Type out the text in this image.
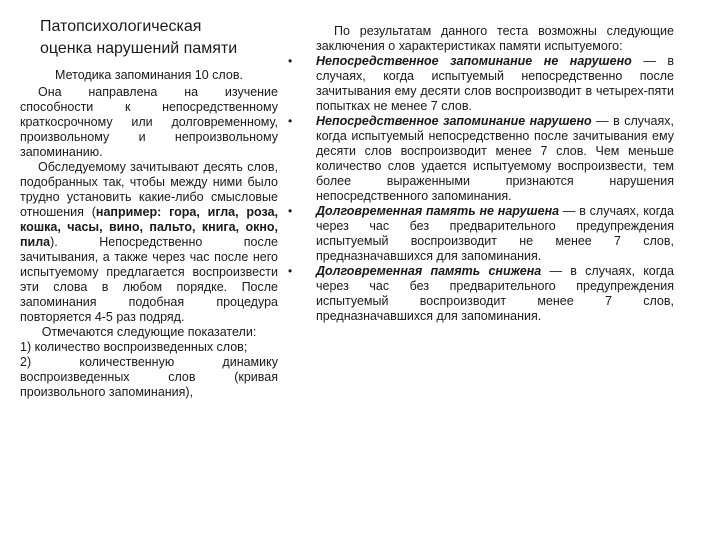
Патопсихологическая
оценка нарушений памяти

Методика запоминания 10 слов.

Она направлена на изучение способности к непосредственному краткосрочному или долговременному, произвольному и непроизвольному запоминанию.

Обследуемому зачитывают десять слов, подобранных так, чтобы между ними было трудно установить какие-либо смысловые отношения (например: гора, игла, роза, кошка, часы, вино, пальто, книга, окно, пила). Непосредственно после зачитывания, а также через час после него испытуемому предлагается воспроизвести эти слова в любом порядке. После запоминания подобная процедура повторяется 4-5 раз подряд.

Отмечаются следующие показатели:

1) количество воспроизведенных слов;

2) количественную динамику воспроизведенных слов (кривая произвольного запоминания),

По результатам данного теста возможны следующие заключения о характеристиках памяти испытуемого:

•	Непосредственное запоминание не нарушено — в случаях, когда испытуемый непосредственно после зачитывания ему десяти слов воспроизводит в четырех-пяти попытках не менее 7 слов.

•	Непосредственное запоминание нарушено — в случаях, когда испытуемый непосредственно после зачитывания ему десяти слов воспроизводит менее 7 слов. Чем меньше количество слов удается испытуемому воспроизвести, тем более выраженными признаются нарушения непосредственного запоминания.

•	Долговременная память не нарушена — в случаях, когда через час без предварительного предупреждения испытуемый воспроизводит не менее 7 слов, предназначавшихся для запоминания.

•	Долговременная память снижена — в случаях, когда через час без предварительного предупреждения испытуемый воспроизводит менее 7 слов, предназначавшихся для запоминания.
